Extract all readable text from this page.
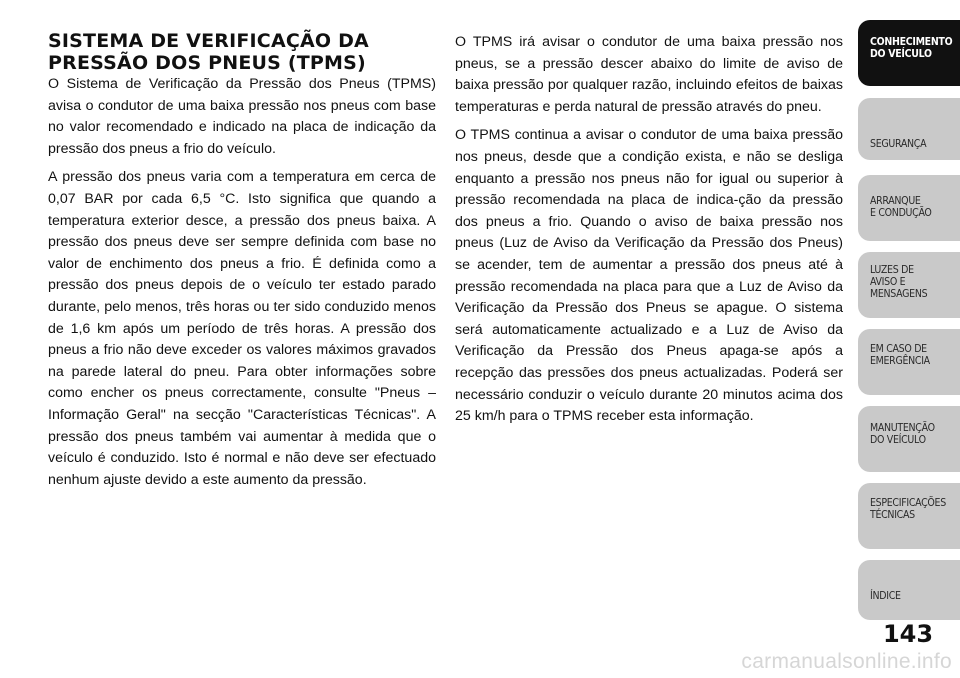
SISTEMA DE VERIFICAÇÃO DA
PRESSÃO DOS PNEUS (TPMS)

O Sistema de Verificação da Pressão dos Pneus (TPMS) avisa o condutor de uma baixa pressão nos pneus com base no valor recomendado e indicado na placa de indicação da pressão dos pneus a frio do veículo.

A pressão dos pneus varia com a temperatura em cerca de 0,07 BAR por cada 6,5 °C. Isto significa que quando a temperatura exterior desce, a pressão dos pneus baixa. A pressão dos pneus deve ser sempre definida com base no valor de enchimento dos pneus a frio. É definida como a pressão dos pneus depois de o veículo ter estado parado durante, pelo menos, três horas ou ter sido conduzido menos de 1,6 km após um período de três horas. A pressão dos pneus a frio não deve exceder os valores máximos gravados na parede lateral do pneu. Para obter informações sobre como encher os pneus correctamente, consulte "Pneus – Informação Geral" na secção "Características Técnicas". A pressão dos pneus também vai aumentar à medida que o veículo é conduzido. Isto é normal e não deve ser efectuado nenhum ajuste devido a este aumento da pressão.

O TPMS irá avisar o condutor de uma baixa pressão nos pneus, se a pressão descer abaixo do limite de aviso de baixa pressão por qualquer razão, incluindo efeitos de baixas temperaturas e perda natural de pressão através do pneu.

O TPMS continua a avisar o condutor de uma baixa pressão nos pneus, desde que a condição exista, e não se desliga enquanto a pressão nos pneus não for igual ou superior à pressão recomendada na placa de indica-ção da pressão dos pneus a frio. Quando o aviso de baixa pressão nos pneus (Luz de Aviso da Verificação da Pressão dos Pneus) se acender, tem de aumentar a pressão dos pneus até à pressão recomendada na placa para que a Luz de Aviso da Verificação da Pressão dos Pneus se apague. O sistema será automaticamente actualizado e a Luz de Aviso da Verificação da Pressão dos Pneus apaga-se após a recepção das pressões dos pneus actualizadas. Poderá ser necessário conduzir o veículo durante 20 minutos acima dos 25 km/h para o TPMS receber esta informação.

CONHECIMENTO
DO VEÍCULO
SEGURANÇA
ARRANQUE
E CONDUÇÃO
LUZES DE
AVISO E
MENSAGENS
EM CASO DE
EMERGÊNCIA
MANUTENÇÃO
DO VEÍCULO
ESPECIFICAÇÕES
TÉCNICAS
ÍNDICE
143
carmanualsonline.info
